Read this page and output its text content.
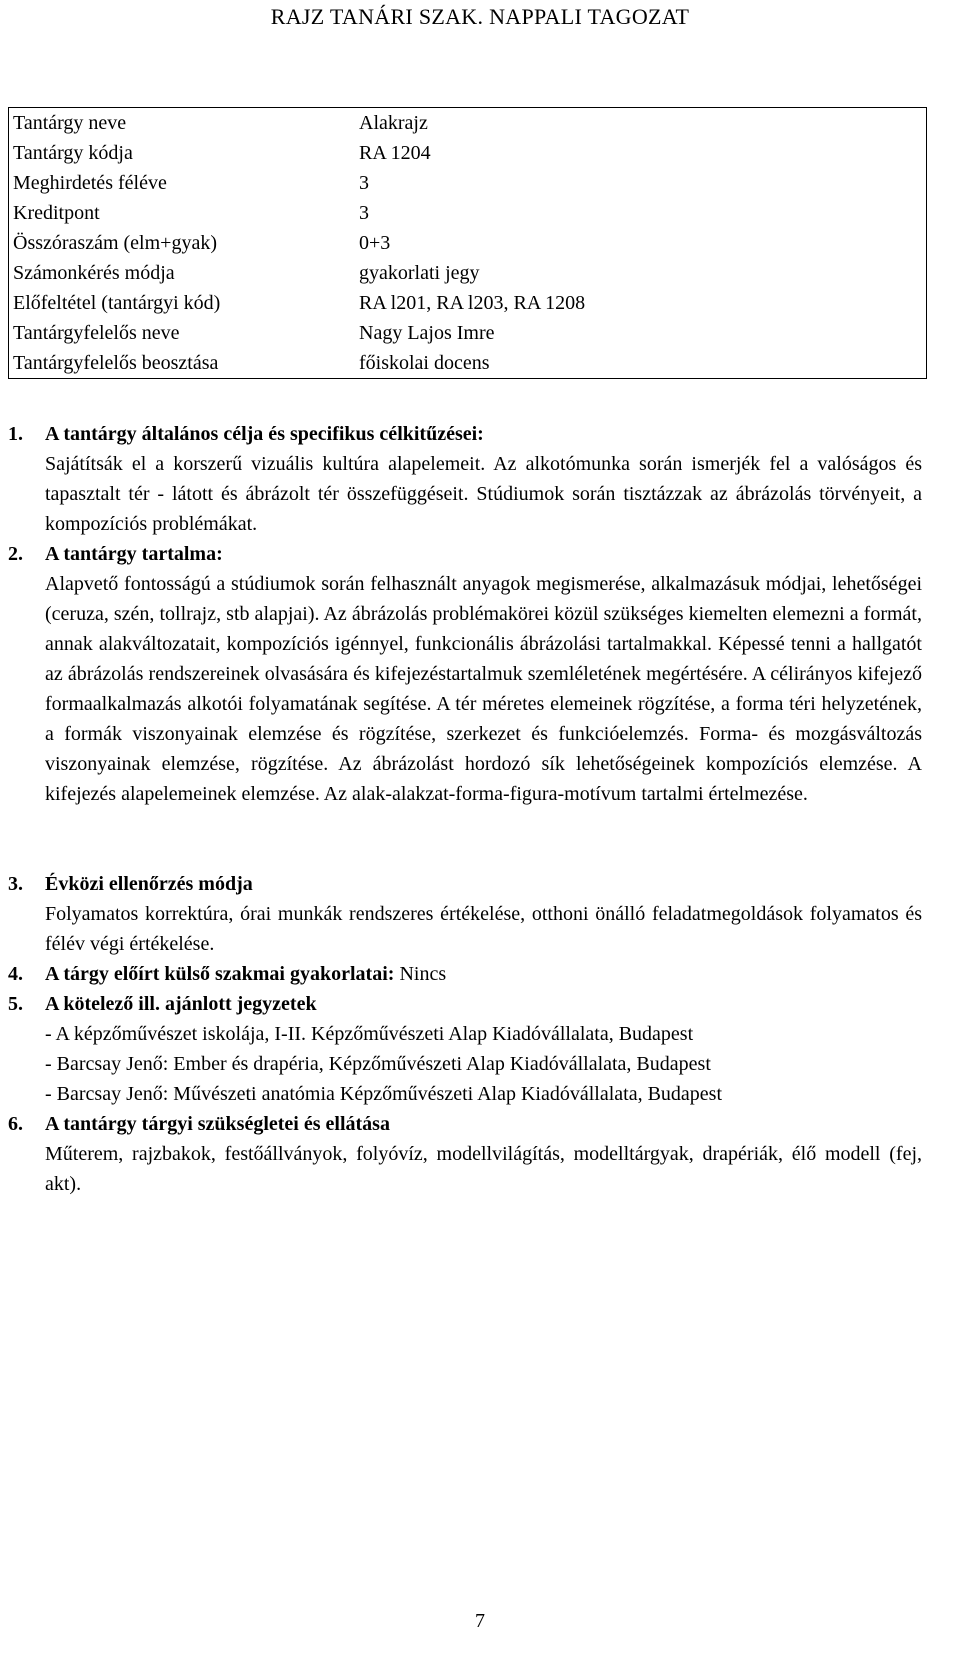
RAJZ TANÁRI SZAK. NAPPALI TAGOZAT
Tantárgy neve	Alakrajz
Tantárgy kódja	RA 1204
Meghirdetés féléve	3
Kreditpont	3
Összóraszám (elm+gyak)	0+3
Számonkérés módja	gyakorlati jegy
Előfeltétel (tantárgyi kód)	RA l201, RA l203, RA 1208
Tantárgyfelelős neve	Nagy Lajos Imre
Tantárgyfelelős beosztása	főiskolai docens
1. A tantárgy általános célja és specifikus célkitűzései:
Sajátítsák el a korszerű vizuális kultúra alapelemeit. Az alkotómunka során ismerjék fel a valóságos és tapasztalt tér - látott és ábrázolt tér összefüggéseit. Stúdiumok során tisztázzak az ábrázolás törvényeit, a kompozíciós problémákat.
2. A tantárgy tartalma:
Alapvető fontosságú a stúdiumok során felhasznált anyagok megismerése, alkalmazásuk módjai, lehetőségei (ceruza, szén, tollrajz, stb alapjai). Az ábrázolás problémakörei közül szükséges kiemelten elemezni a formát, annak alakváltozatait, kompozíciós igénnyel, funkcionális ábrázolási tartalmakkal. Képessé tenni a hallgatót az ábrázolás rendszereinek olvasására és kifejezéstartalmuk szemléletének megértésére. A célirányos kifejező formaalkalmazás alkotói folyamatának segítése. A tér méretes elemeinek rögzítése, a forma téri helyzetének, a formák viszonyainak elemzése és rögzítése, szerkezet és funkcióelemzés. Forma- és mozgásváltozás viszonyainak elemzése, rögzítése. Az ábrázolást hordozó sík lehetőségeinek kompozíciós elemzése. A kifejezés alapelemeinek elemzése. Az alak-alakzat-forma-figura-motívum tartalmi értelmezése.
3. Évközi ellenőrzés módja
Folyamatos korrektúra, órai munkák rendszeres értékelése, otthoni önálló feladatmegoldások folyamatos és félév végi értékelése.
4. A tárgy előírt külső szakmai gyakorlatai: Nincs
5. A kötelező ill. ajánlott jegyzetek
- A képzőművészet iskolája, I-II. Képzőművészeti Alap Kiadóvállalata, Budapest
- Barcsay Jenő: Ember és drapéria, Képzőművészeti Alap Kiadóvállalata, Budapest
- Barcsay Jenő: Művészeti anatómia Képzőművészeti Alap Kiadóvállalata, Budapest
6. A tantárgy tárgyi szükségletei és ellátása
Műterem, rajzbakok, festőállványok, folyóvíz, modellvilágítás, modelltárgyak, drapériák, élő modell (fej, akt).
7
